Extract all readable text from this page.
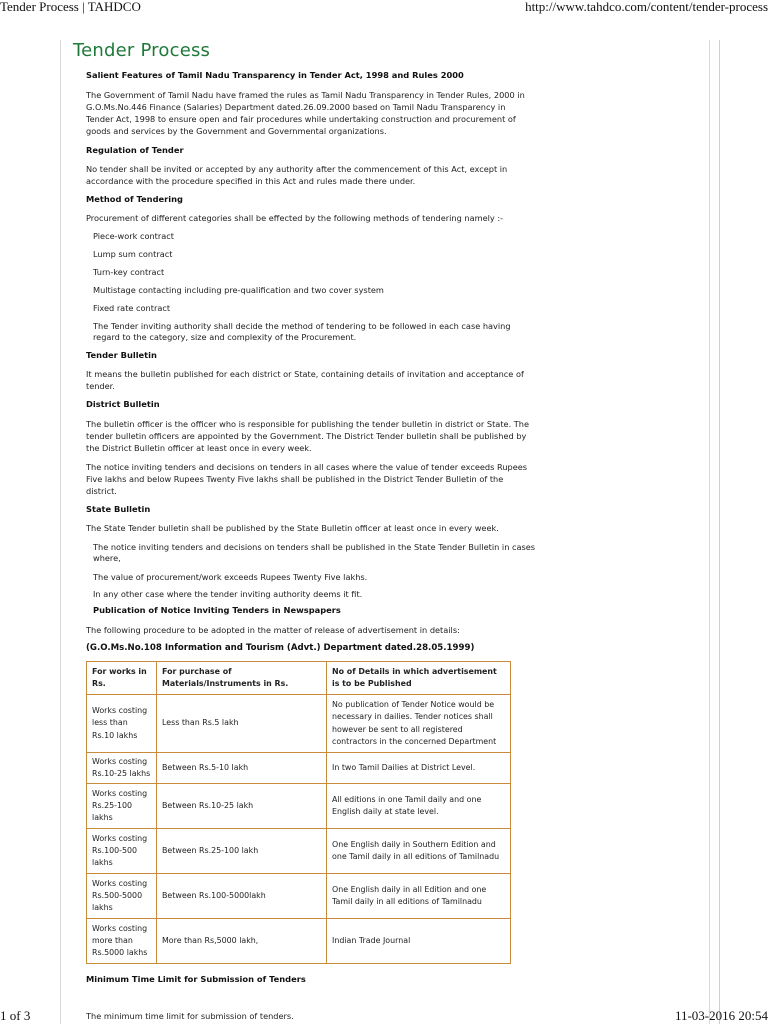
Tender Process | TAHDCO	http://www.tahdco.com/content/tender-process
Tender Process
Salient Features of Tamil Nadu Transparency in Tender Act, 1998 and Rules 2000
The Government of Tamil Nadu have framed the rules as Tamil Nadu Transparency in Tender Rules, 2000 in
G.O.Ms.No.446 Finance (Salaries) Department dated.26.09.2000 based on Tamil Nadu Transparency in
Tender Act, 1998 to ensure open and fair procedures while undertaking construction and procurement of
goods and services by the Government and Governmental organizations.
Regulation of Tender
No tender shall be invited or accepted by any authority after the commencement of this Act, except in
accordance with the procedure specified in this Act and rules made there under.
Method of Tendering
Procurement of different categories shall be effected by the following methods of tendering namely :-
Piece-work contract
Lump sum contract
Turn-key contract
Multistage contacting including pre-qualification and two cover system
Fixed rate contract
The Tender inviting authority shall decide the method of tendering to be followed in each case having
regard to the category, size and complexity of the Procurement.
Tender Bulletin
It means the bulletin published for each district or State, containing details of invitation and acceptance of
tender.
District Bulletin
The bulletin officer is the officer who is responsible for publishing the tender bulletin in district or State. The
tender bulletin officers are appointed by the Government. The District Tender bulletin shall be published by
the District Bulletin officer at least once in every week.
The notice inviting tenders and decisions on tenders in all cases where the value of tender exceeds Rupees
Five lakhs and below Rupees Twenty Five lakhs shall be published in the District Tender Bulletin of the
district.
State Bulletin
The State Tender bulletin shall be published by the State Bulletin officer at least once in every week.
The notice inviting tenders and decisions on tenders shall be published in the State Tender Bulletin in cases
where,
The value of procurement/work exceeds Rupees Twenty Five lakhs.
In any other case where the tender inviting authority deems it fit.
Publication of Notice Inviting Tenders in Newspapers
The following procedure to be adopted in the matter of release of advertisement in details:
(G.O.Ms.No.108 Information and Tourism (Advt.) Department dated.28.05.1999)
For works in Rs.	For purchase of Materials/Instruments in Rs.	No of Details in which advertisement is to be Published
Works costing less than Rs.10 lakhs	Less than Rs.5 lakh	No publication of Tender Notice would be necessary in dailies. Tender notices shall however be sent to all registered contractors in the concerned Department
Works costing Rs.10-25 lakhs	Between Rs.5-10 lakh	In two Tamil Dailies at District Level.
Works costing Rs.25-100 lakhs	Between Rs.10-25 lakh	All editions in one Tamil daily and one English daily at state level.
Works costing Rs.100-500 lakhs	Between Rs.25-100 lakh	One English daily in Southern Edition and one Tamil daily in all editions of Tamilnadu
Works costing Rs.500-5000 lakhs	Between Rs.100-5000lakh	One English daily in all Edition and one Tamil daily in all editions of Tamilnadu
Works costing more than Rs.5000 lakhs	More than Rs,5000 lakh,	Indian Trade Journal
Minimum Time Limit for Submission of Tenders
The minimum time limit for submission of tenders.
1 of 3	11-03-2016 20:54
